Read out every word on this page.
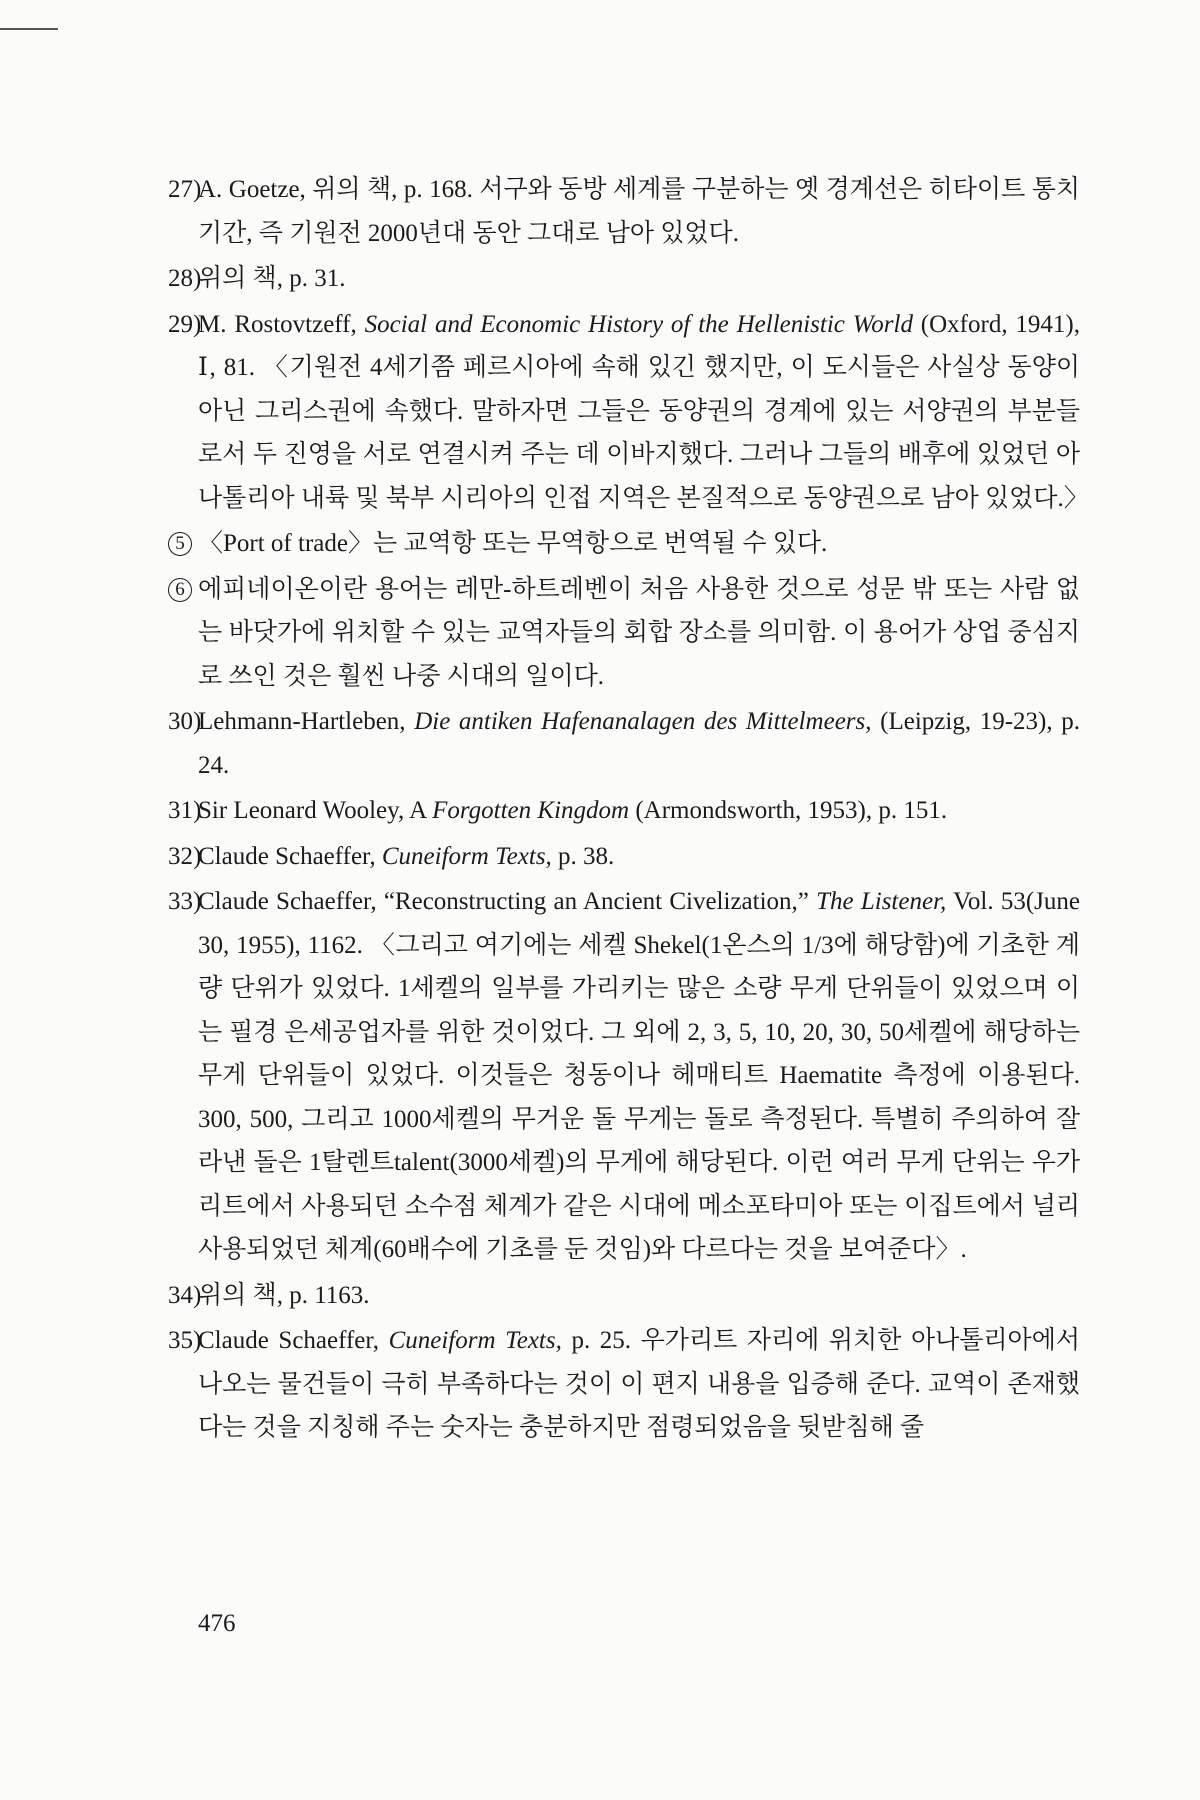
27)
A. Goetze, 위의 책, p. 168. 서구와 동방 세계를 구분하는 옛 경계선은 히타이트 통치 기간, 즉 기원전 2000년대 동안 그대로 남아 있었다.

28)
위의 책, p. 31.

29)
M. Rostovtzeff, Social and Economic History of the Hellenistic World (Oxford, 1941), Ⅰ, 81. 〈기원전 4세기쯤 페르시아에 속해 있긴 했지만, 이 도시들은 사실상 동양이 아닌 그리스권에 속했다. 말하자면 그들은 동양권의 경계에 있는 서양권의 부분들로서 두 진영을 서로 연결시켜 주는 데 이바지했다. 그러나 그들의 배후에 있었던 아나톨리아 내륙 및 북부 시리아의 인접 지역은 본질적으로 동양권으로 남아 있었다.〉

5 〈Port of trade〉는 교역항 또는 무역항으로 번역될 수 있다.

6 에피네이온이란 용어는 레만-하트레벤이 처음 사용한 것으로 성문 밖 또는 사람 없는 바닷가에 위치할 수 있는 교역자들의 회합 장소를 의미함. 이 용어가 상업 중심지로 쓰인 것은 훨씬 나중 시대의 일이다.

30)
Lehmann-Hartleben, Die antiken Hafenanalagen des Mittelmeers, (Leipzig, 19-23), p. 24.

31)
Sir Leonard Wooley, A Forgotten Kingdom (Armondsworth, 1953), p. 151.

32)
Claude Schaeffer, Cuneiform Texts, p. 38.

33)
Claude Schaeffer, “Reconstructing an Ancient Civelization,” The Listener, Vol. 53(June 30, 1955), 1162. 〈그리고 여기에는 세켈 Shekel(1온스의 1/3에 해당함)에 기초한 계량 단위가 있었다. 1세켈의 일부를 가리키는 많은 소량 무게 단위들이 있었으며 이는 필경 은세공업자를 위한 것이었다. 그 외에 2, 3, 5, 10, 20, 30, 50세켈에 해당하는 무게 단위들이 있었다. 이것들은 청동이나 헤매티트 Haematite 측정에 이용된다. 300, 500, 그리고 1000세켈의 무거운 돌 무게는 돌로 측정된다. 특별히 주의하여 잘라낸 돌은 1탈렌트talent(3000세켈)의 무게에 해당된다. 이런 여러 무게 단위는 우가리트에서 사용되던 소수점 체계가 같은 시대에 메소포타미아 또는 이집트에서 널리 사용되었던 체계(60배수에 기초를 둔 것임)와 다르다는 것을 보여준다〉.

34)
위의 책, p. 1163.

35)
Claude Schaeffer, Cuneiform Texts, p. 25. 우가리트 자리에 위치한 아나톨리아에서 나오는 물건들이 극히 부족하다는 것이 이 편지 내용을 입증해 준다. 교역이 존재했다는 것을 지칭해 주는 숫자는 충분하지만 점령되었음을 뒷받침해 줄

476
